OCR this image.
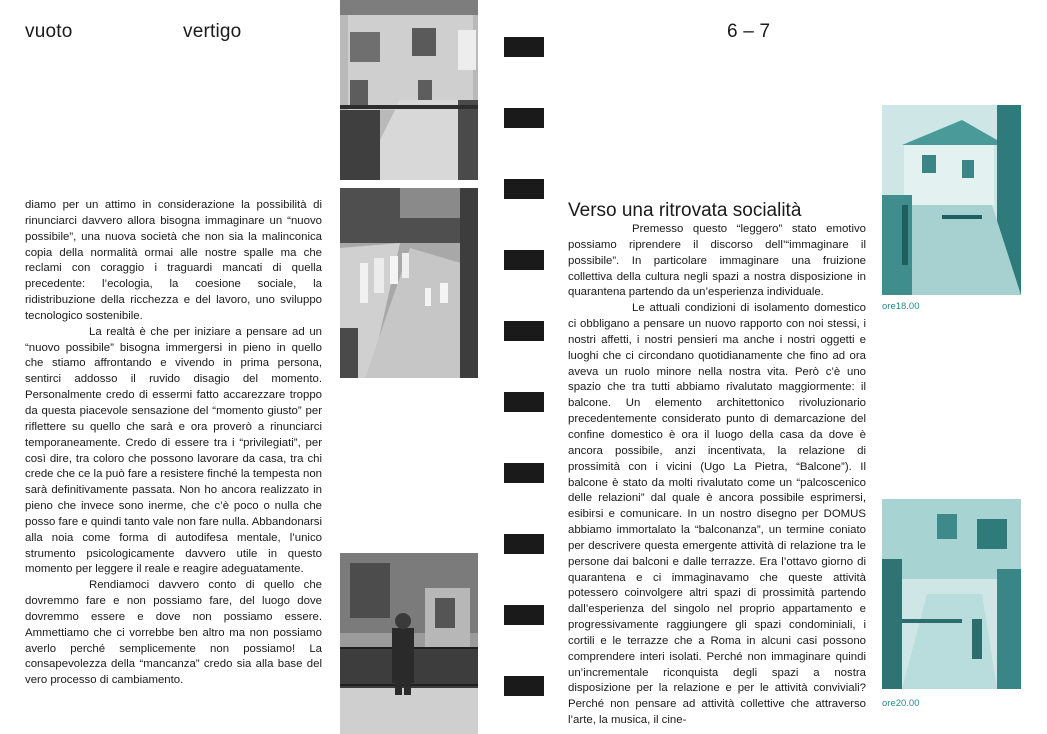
vuoto	vertigo	6 – 7

diamo per un attimo in considerazione la possibilità di rinunciarci davvero allora bisogna immaginare un “nuovo possibile”, una nuova società che non sia la malinconica copia della normalità ormai alle nostre spalle ma che reclami con coraggio i traguardi mancati di quella precedente: l’ecologia, la coesione sociale, la ridistribuzione della ricchezza e del lavoro, uno sviluppo tecnologico sostenibile.

La realtà è che per iniziare a pensare ad un “nuovo possibile” bisogna immergersi in pieno in quello che stiamo affrontando e vivendo in prima persona, sentirci addosso il ruvido disagio del momento. Personalmente credo di essermi fatto accarezzare troppo da questa piacevole sensazione del “momento giusto” per riflettere su quello che sarà e ora proverò a rinunciarci temporaneamente. Credo di essere tra i “privilegiati”, per così dire, tra coloro che possono lavorare da casa, tra chi crede che ce la può fare a resistere finché la tempesta non sarà definitivamente passata. Non ho ancora realizzato in pieno che invece sono inerme, che c’è poco o nulla che posso fare e quindi tanto vale non fare nulla. Abbandonarsi alla noia come forma di autodifesa mentale, l’unico strumento psicologicamente davvero utile in questo momento per leggere il reale e reagire adeguatamente.

Rendiamoci davvero conto di quello che dovremmo fare e non possiamo fare, del luogo dove dovremmo essere e dove non possiamo essere. Ammettiamo che ci vorrebbe ben altro ma non possiamo averlo perché semplicemente non possiamo! La consapevolezza della “mancanza” credo sia alla base del vero processo di cambiamento.

Verso una ritrovata socialità

Premesso questo “leggero” stato emotivo possiamo riprendere il discorso dell’“immaginare il possibile”. In particolare immaginare una fruizione collettiva della cultura negli spazi a nostra disposizione in quarantena partendo da un’esperienza individuale.

Le attuali condizioni di isolamento domestico ci obbligano a pensare un nuovo rapporto con noi stessi, i nostri affetti, i nostri pensieri ma anche i nostri oggetti e luoghi che ci circondano quotidianamente che fino ad ora aveva un ruolo minore nella nostra vita. Però c’è uno spazio che tra tutti abbiamo rivalutato maggiormente: il balcone. Un elemento architettonico rivoluzionario precedentemente considerato punto di demarcazione del confine domestico è ora il luogo della casa da dove è ancora possibile, anzi incentivata, la relazione di prossimità con i vicini (Ugo La Pietra, “Balcone”). Il balcone è stato da molti rivalutato come un “palcoscenico delle relazioni” dal quale è ancora possibile esprimersi, esibirsi e comunicare. In un nostro disegno per DOMUS abbiamo immortalato la “balconanza”, un termine coniato per descrivere questa emergente attività di relazione tra le persone dai balconi e dalle terrazze. Era l’ottavo giorno di quarantena e ci immaginavamo che queste attività potessero coinvolgere altri spazi di prossimità partendo dall’esperienza del singolo nel proprio appartamento e progressivamente raggiungere gli spazi condominiali, i cortili e le terrazze che a Roma in alcuni casi possono comprendere interi isolati. Perché non immaginare quindi un’incrementale riconquista degli spazi a nostra disposizione per la relazione e per le attività conviviali? Perché non pensare ad attività collettive che attraverso l’arte, la musica, il cine-

ore18.00
ore20.00
